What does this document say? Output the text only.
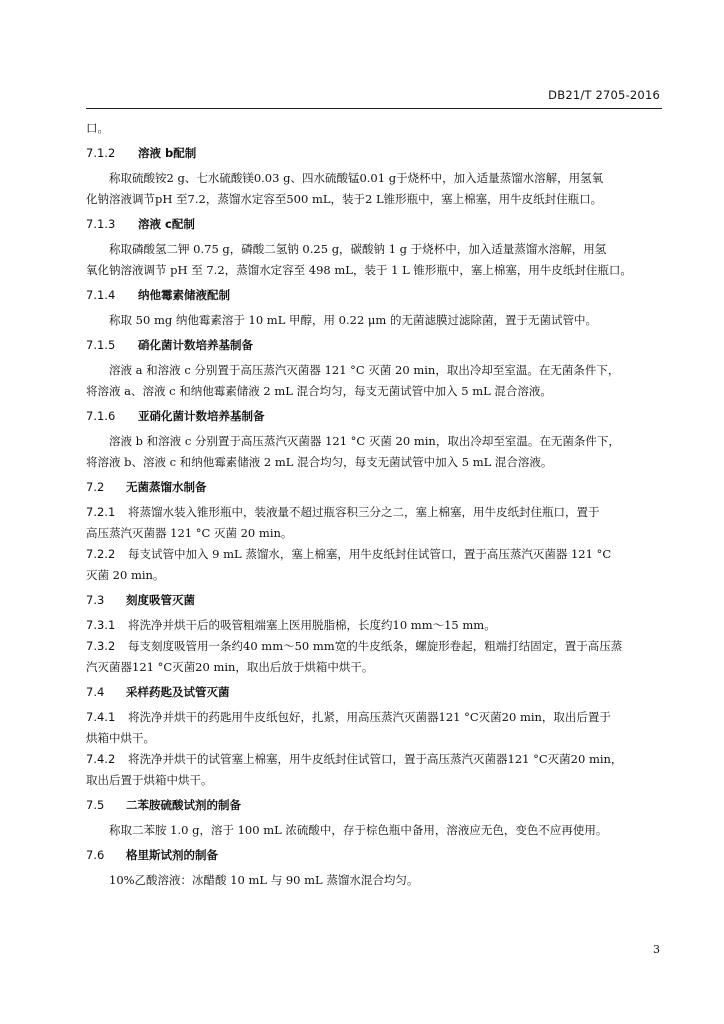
DB21/T 2705-2016
口。
7.1.2 溶液 b配制

称取硫酸铵2 g、七水硫酸镁0.03 g、四水硫酸锰0.01 g于烧杯中，加入适量蒸馏水溶解，用氢氧

化钠溶液调节pH 至7.2，蒸馏水定容至500 mL，装于2 L锥形瓶中，塞上棉塞，用牛皮纸封住瓶口。

7.1.3 溶液 c配制

称取磷酸氢二钾 0.75 g，磷酸二氢钠 0.25 g，碳酸钠 1 g 于烧杯中，加入适量蒸馏水溶解，用氢

氧化钠溶液调节 pH 至 7.2，蒸馏水定容至 498 mL，装于 1 L 锥形瓶中，塞上棉塞，用牛皮纸封住瓶口。

7.1.4 纳他霉素储液配制

称取 50 mg 纳他霉素溶于 10 mL 甲醇，用 0.22 μm 的无菌滤膜过滤除菌，置于无菌试管中。

7.1.5 硝化菌计数培养基制备

溶液 a 和溶液 c 分别置于高压蒸汽灭菌器 121 °C 灭菌 20 min，取出冷却至室温。在无菌条件下，

将溶液 a、溶液 c 和纳他霉素储液 2 mL 混合均匀，每支无菌试管中加入 5 mL 混合溶液。

7.1.6 亚硝化菌计数培养基制备

溶液 b 和溶液 c 分别置于高压蒸汽灭菌器 121 °C 灭菌 20 min，取出冷却至室温。在无菌条件下，

将溶液 b、溶液 c 和纳他霉素储液 2 mL 混合均匀，每支无菌试管中加入 5 mL 混合溶液。

7.2 无菌蒸馏水制备

7.2.1 将蒸馏水装入锥形瓶中，装液量不超过瓶容积三分之二，塞上棉塞，用牛皮纸封住瓶口，置于

高压蒸汽灭菌器 121 °C 灭菌 20 min。

7.2.2 每支试管中加入 9 mL 蒸馏水，塞上棉塞，用牛皮纸封住试管口，置于高压蒸汽灭菌器 121 °C

灭菌 20 min。

7.3 刻度吸管灭菌

7.3.1 将洗净并烘干后的吸管粗端塞上医用脱脂棉，长度约10 mm～15 mm。

7.3.2 每支刻度吸管用一条约40 mm～50 mm宽的牛皮纸条，螺旋形卷起，粗端打结固定，置于高压蒸

汽灭菌器121 °C灭菌20 min，取出后放于烘箱中烘干。

7.4 采样药匙及试管灭菌

7.4.1 将洗净并烘干的药匙用牛皮纸包好，扎紧，用高压蒸汽灭菌器121 °C灭菌20 min，取出后置于

烘箱中烘干。

7.4.2 将洗净并烘干的试管塞上棉塞，用牛皮纸封住试管口，置于高压蒸汽灭菌器121 °C灭菌20 min，

取出后置于烘箱中烘干。

7.5 二苯胺硫酸试剂的制备

称取二苯胺 1.0 g，溶于 100 mL 浓硫酸中，存于棕色瓶中备用，溶液应无色，变色不应再使用。

7.6 格里斯试剂的制备

10%乙酸溶液：冰醋酸 10 mL 与 90 mL 蒸馏水混合均匀。

3
